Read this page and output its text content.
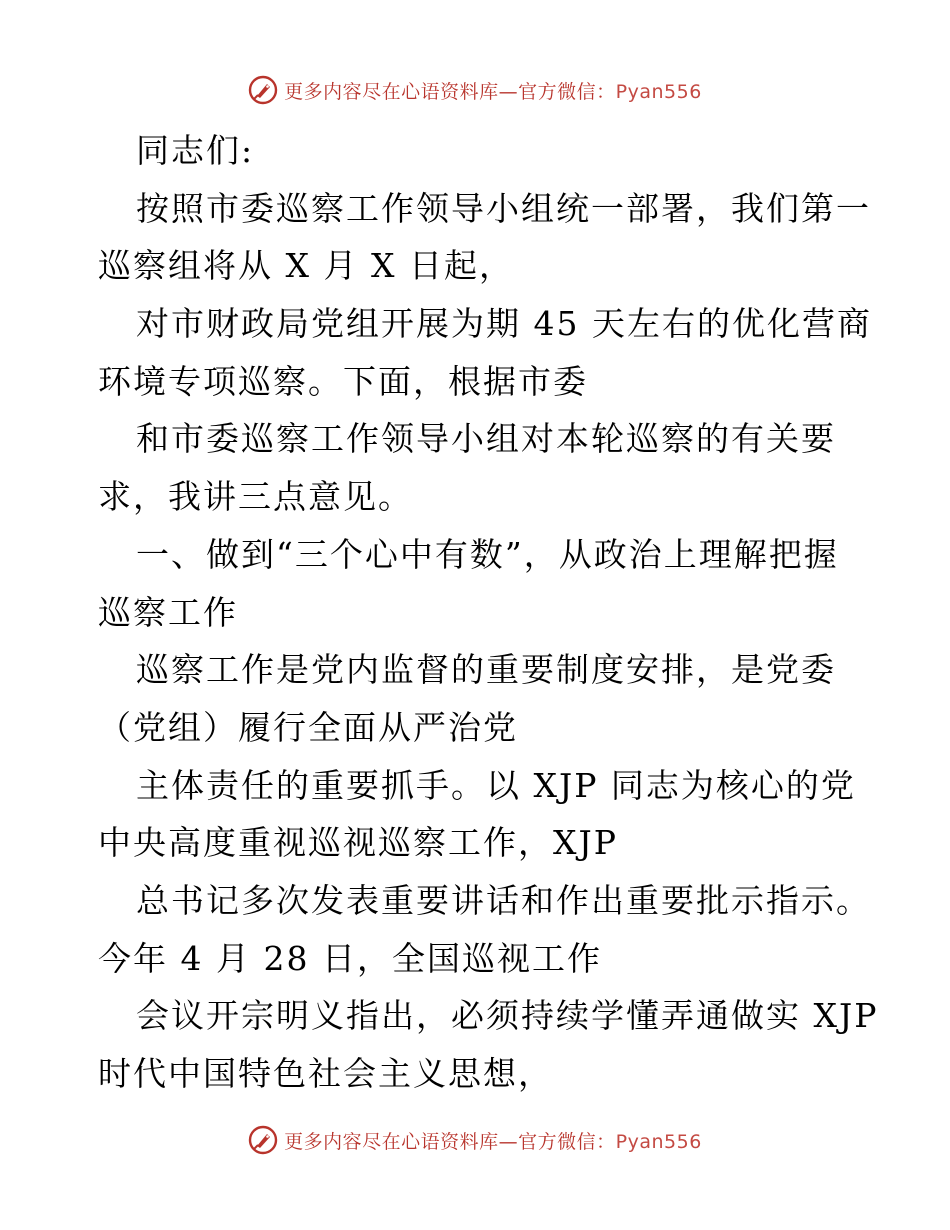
更多内容尽在心语资料库—官方微信：Pyan556
同志们:
按照市委巡察工作领导小组统一部署，我们第一
巡察组将从 X 月 X 日起，
对市财政局党组开展为期 45 天左右的优化营商
环境专项巡察。下面，根据市委
和市委巡察工作领导小组对本轮巡察的有关要
求，我讲三点意见。
一、做到“三个心中有数”，从政治上理解把握
巡察工作
巡察工作是党内监督的重要制度安排，是党委
（党组）履行全面从严治党
主体责任的重要抓手。以 XJP 同志为核心的党
中央高度重视巡视巡察工作，XJP
总书记多次发表重要讲话和作出重要批示指示。
今年 4 月 28 日，全国巡视工作
会议开宗明义指出，必须持续学懂弄通做实 XJP
时代中国特色社会主义思想，
更多内容尽在心语资料库—官方微信：Pyan556
